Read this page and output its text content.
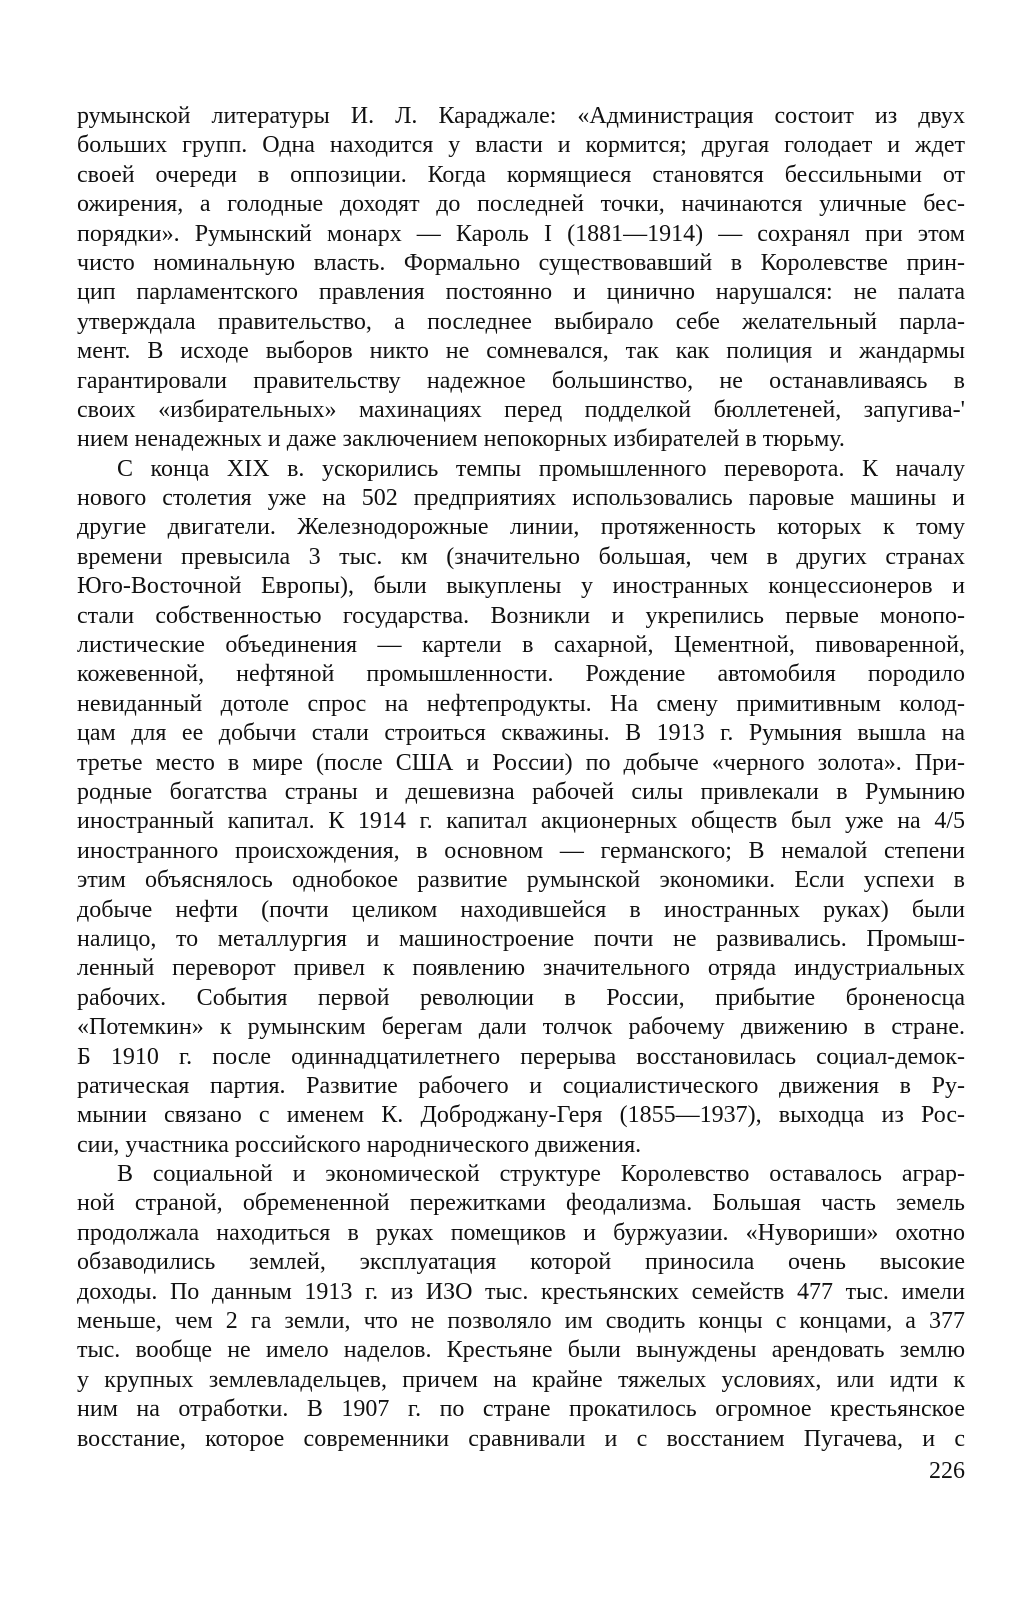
румынской литературы И. Л. Караджале: «Администрация состоит из двух
больших групп. Одна находится у власти и кормится; другая голодает и ждет
своей очереди в оппозиции. Когда кормящиеся становятся бессильными от
ожирения, а голодные доходят до последней точки, начинаются уличные бес-
порядки». Румынский монарх — Кароль I (1881—1914) — сохранял при этом
чисто номинальную власть. Формально существовавший в Королевстве прин-
цип парламентского правления постоянно и цинично нарушался: не палата
утверждала правительство, а последнее выбирало себе желательный парла-
мент. В исходе выборов никто не сомневался, так как полиция и жандармы
гарантировали правительству надежное большинство, не останавливаясь в
своих «избирательных» махинациях перед подделкой бюллетеней, запугива-'
нием ненадежных и даже заключением непокорных избирателей в тюрьму.
С конца XIX в. ускорились темпы промышленного переворота. К началу
нового столетия уже на 502 предприятиях использовались паровые машины и
другие двигатели. Железнодорожные линии, протяженность которых к тому
времени превысила 3 тыс. км (значительно большая, чем в других странах
Юго-Восточной Европы), были выкуплены у иностранных концессионеров и
стали собственностью государства. Возникли и укрепились первые монопо-
листические объединения — картели в сахарной, Цементной, пивоваренной,
кожевенной, нефтяной промышленности. Рождение автомобиля породило
невиданный дотоле спрос на нефтепродукты. На смену примитивным колод-
цам для ее добычи стали строиться скважины. В 1913 г. Румыния вышла на
третье место в мире (после США и России) по добыче «черного золота». При-
родные богатства страны и дешевизна рабочей силы привлекали в Румынию
иностранный капитал. К 1914 г. капитал акционерных обществ был уже на 4/5
иностранного происхождения, в основном — германского; В немалой степени
этим объяснялось однобокое развитие румынской экономики. Если успехи в
добыче нефти (почти целиком находившейся в иностранных руках) были
налицо, то металлургия и машиностроение почти не развивались. Промыш-
ленный переворот привел к появлению значительного отряда индустриальных
рабочих. События первой революции в России, прибытие броненосца
«Потемкин» к румынским берегам дали толчок рабочему движению в стране.
Б 1910 г. после одиннадцатилетнего перерыва восстановилась социал-демок-
ратическая партия. Развитие рабочего и социалистического движения в Ру-
мынии связано с именем К. Доброджану-Геря (1855—1937), выходца из Рос-
сии, участника российского народнического движения.
В социальной и экономической структуре Королевство оставалось аграр-
ной страной, обремененной пережитками феодализма. Большая часть земель
продолжала находиться в руках помещиков и буржуазии. «Нувориши» охотно
обзаводились землей, эксплуатация которой приносила очень высокие
доходы. По данным 1913 г. из ИЗО тыс. крестьянских семейств 477 тыс. имели
меньше, чем 2 га земли, что не позволяло им сводить концы с концами, а 377
тыс. вообще не имело наделов. Крестьяне были вынуждены арендовать землю
у крупных землевладельцев, причем на крайне тяжелых условиях, или идти к
ним на отработки. В 1907 г. по стране прокатилось огромное крестьянское
восстание, которое современники сравнивали и с восстанием Пугачева, и с
226
